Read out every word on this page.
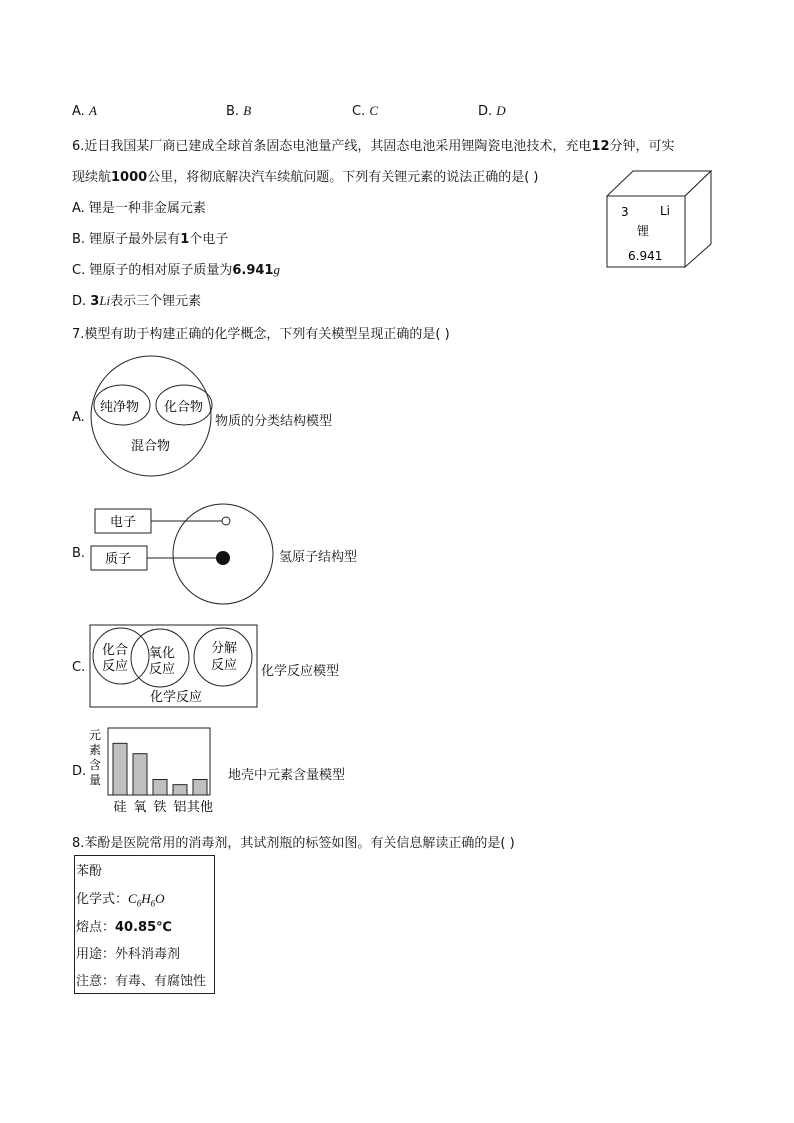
A. A	B. B	C. C	D. D
6.近日我国某厂商已建成全球首条固态电池量产线，其固态电池采用锂陶瓷电池技术，充电12分钟，可实
现续航1000公里，将彻底解决汽车续航问题。下列有关锂元素的说法正确的是( )
A. 锂是一种非金属元素
B. 锂原子最外层有1个电子
C. 锂原子的相对原子质量为6.941g
D. 3Li表示三个锂元素
3	Li
锂
6.941
7.模型有助于构建正确的化学概念，下列有关模型呈现正确的是( )
A.
纯净物 化合物
混合物
物质的分类结构模型
B.
电子
质子	氢原子结构型
C.
化合
反应
氧化
反应
分解
反应
化学反应
化学反应模型
D.
元
素
含
量
硅 氧 铁 铝 其他
地壳中元素含量模型
8.苯酚是医院常用的消毒剂，其试剂瓶的标签如图。有关信息解读正确的是( )
苯酚
化学式：$C_6H_6O$
熔点：40.85℃
用途：外科消毒剂
注意：有毒、有腐蚀性
